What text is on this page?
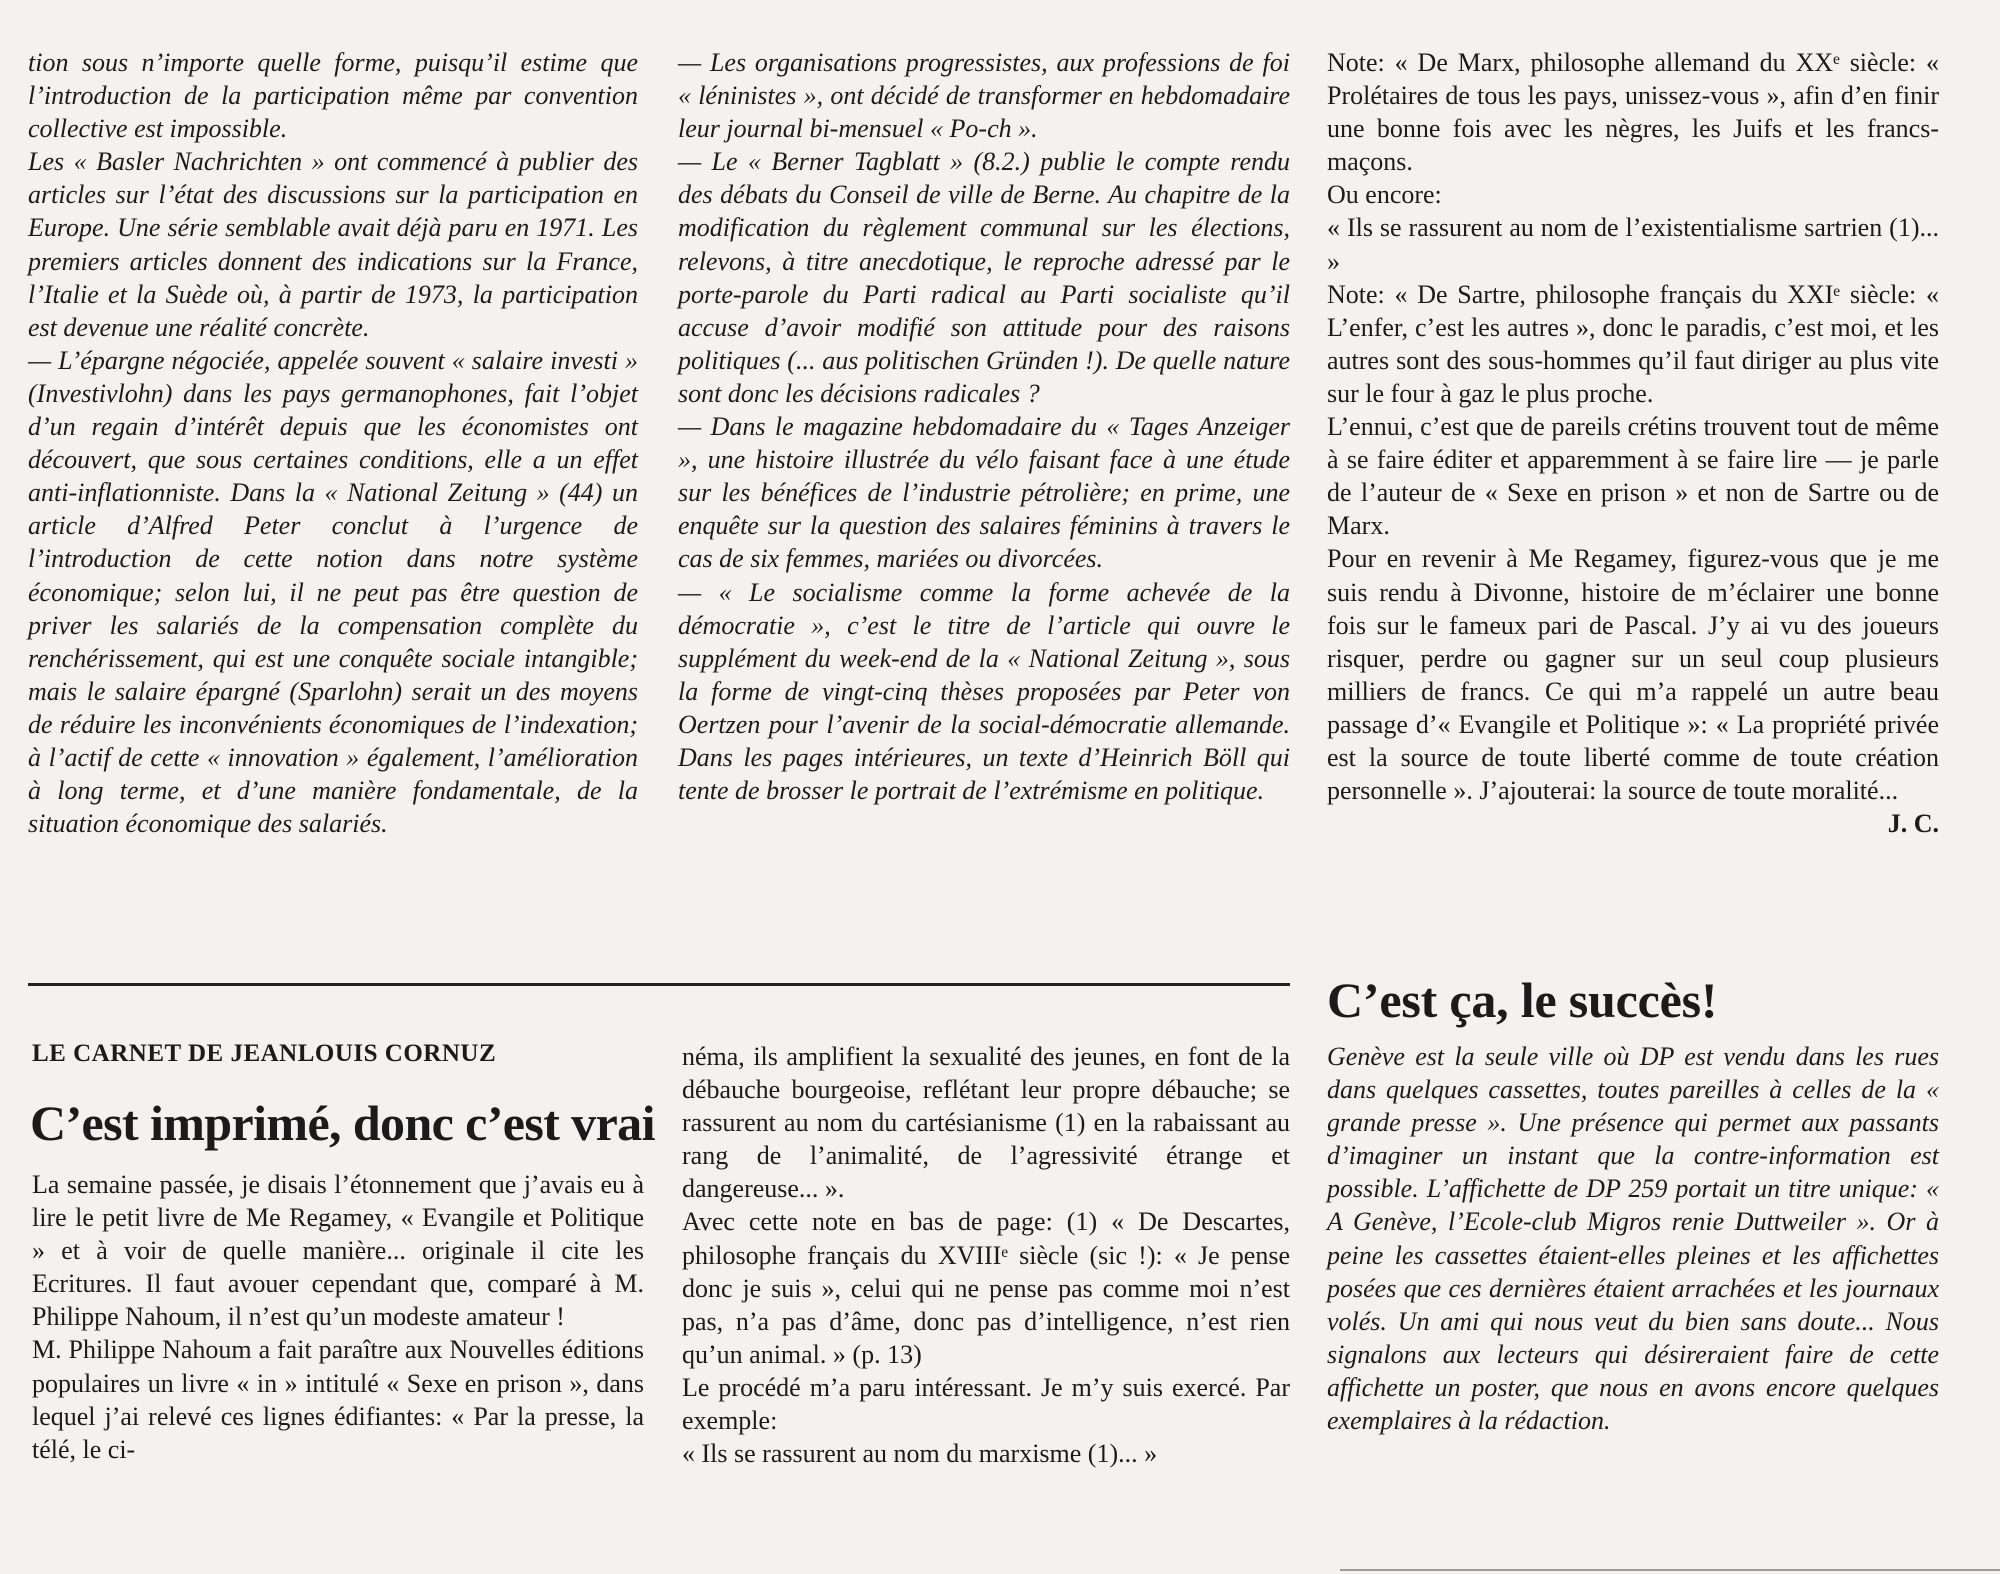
tion sous n’importe quelle forme, puisqu’il estime que l’introduction de la participation même par convention collective est impossible.

Les « Basler Nachrichten » ont commencé à publier des articles sur l’état des discussions sur la participation en Europe. Une série semblable avait déjà paru en 1971. Les premiers articles donnent des indications sur la France, l’Italie et la Suède où, à partir de 1973, la participation est devenue une réalité concrète.

— L’épargne négociée, appelée souvent « salaire investi » (Investivlohn) dans les pays germanophones, fait l’objet d’un regain d’intérêt depuis que les économistes ont découvert, que sous certaines conditions, elle a un effet anti-inflationniste. Dans la « National Zeitung » (44) un article d’Alfred Peter conclut à l’urgence de l’introduction de cette notion dans notre système économique; selon lui, il ne peut pas être question de priver les salariés de la compensation complète du renchérissement, qui est une conquête sociale intangible; mais le salaire épargné (Sparlohn) serait un des moyens de réduire les inconvénients économiques de l’indexation; à l’actif de cette « innovation » également, l’amélioration à long terme, et d’une manière fondamentale, de la situation économique des salariés.

— Les organisations progressistes, aux professions de foi « léninistes », ont décidé de transformer en hebdomadaire leur journal bi-mensuel « Po-ch ».

— Le « Berner Tagblatt » (8.2.) publie le compte rendu des débats du Conseil de ville de Berne. Au chapitre de la modification du règlement communal sur les élections, relevons, à titre anecdotique, le reproche adressé par le porte-parole du Parti radical au Parti socialiste qu’il accuse d’avoir modifié son attitude pour des raisons politiques (... aus politischen Gründen !). De quelle nature sont donc les décisions radicales ?

— Dans le magazine hebdomadaire du « Tages Anzeiger », une histoire illustrée du vélo faisant face à une étude sur les bénéfices de l’industrie pétrolière; en prime, une enquête sur la question des salaires féminins à travers le cas de six femmes, mariées ou divorcées.

— « Le socialisme comme la forme achevée de la démocratie », c’est le titre de l’article qui ouvre le supplément du week-end de la « National Zeitung », sous la forme de vingt-cinq thèses proposées par Peter von Oertzen pour l’avenir de la social-démocratie allemande. Dans les pages intérieures, un texte d’Heinrich Böll qui tente de brosser le portrait de l’extrémisme en politique.

Note: « De Marx, philosophe allemand du XXᵉ siècle: « Prolétaires de tous les pays, unissez-vous », afin d’en finir une bonne fois avec les nègres, les Juifs et les francs-maçons.

Ou encore:

« Ils se rassurent au nom de l’existentialisme sartrien (1)... »

Note: « De Sartre, philosophe français du XXIᵉ siècle: « L’enfer, c’est les autres », donc le paradis, c’est moi, et les autres sont des sous-hommes qu’il faut diriger au plus vite sur le four à gaz le plus proche.

L’ennui, c’est que de pareils crétins trouvent tout de même à se faire éditer et apparemment à se faire lire — je parle de l’auteur de « Sexe en prison » et non de Sartre ou de Marx.

Pour en revenir à Me Regamey, figurez-vous que je me suis rendu à Divonne, histoire de m’éclairer une bonne fois sur le fameux pari de Pascal. J’y ai vu des joueurs risquer, perdre ou gagner sur un seul coup plusieurs milliers de francs. Ce qui m’a rappelé un autre beau passage d’« Evangile et Politique »: « La propriété privée est la source de toute liberté comme de toute création personnelle ». J’ajouterai: la source de toute moralité...

J. C.

LE CARNET DE JEANLOUIS CORNUZ
C’est imprimé, donc c’est vrai

La semaine passée, je disais l’étonnement que j’avais eu à lire le petit livre de Me Regamey, « Evangile et Politique » et à voir de quelle manière... originale il cite les Ecritures. Il faut avouer cependant que, comparé à M. Philippe Nahoum, il n’est qu’un modeste amateur !

M. Philippe Nahoum a fait paraître aux Nouvelles éditions populaires un livre « in » intitulé « Sexe en prison », dans lequel j’ai relevé ces lignes édifiantes: « Par la presse, la télé, le ci-

néma, ils amplifient la sexualité des jeunes, en font de la débauche bourgeoise, reflétant leur propre débauche; se rassurent au nom du cartésianisme (1) en la rabaissant au rang de l’animalité, de l’agressivité étrange et dangereuse... ».

Avec cette note en bas de page: (1) « De Descartes, philosophe français du XVIIIᵉ siècle (sic !): « Je pense donc je suis », celui qui ne pense pas comme moi n’est pas, n’a pas d’âme, donc pas d’intelligence, n’est rien qu’un animal. » (p. 13)

Le procédé m’a paru intéressant. Je m’y suis exercé. Par exemple:

« Ils se rassurent au nom du marxisme (1)... »

C’est ça, le succès!

Genève est la seule ville où DP est vendu dans les rues dans quelques cassettes, toutes pareilles à celles de la « grande presse ». Une présence qui permet aux passants d’imaginer un instant que la contre-information est possible. L’affichette de DP 259 portait un titre unique: « A Genève, l’Ecole-club Migros renie Duttweiler ». Or à peine les cassettes étaient-elles pleines et les affichettes posées que ces dernières étaient arrachées et les journaux volés. Un ami qui nous veut du bien sans doute... Nous signalons aux lecteurs qui désireraient faire de cette affichette un poster, que nous en avons encore quelques exemplaires à la rédaction.
